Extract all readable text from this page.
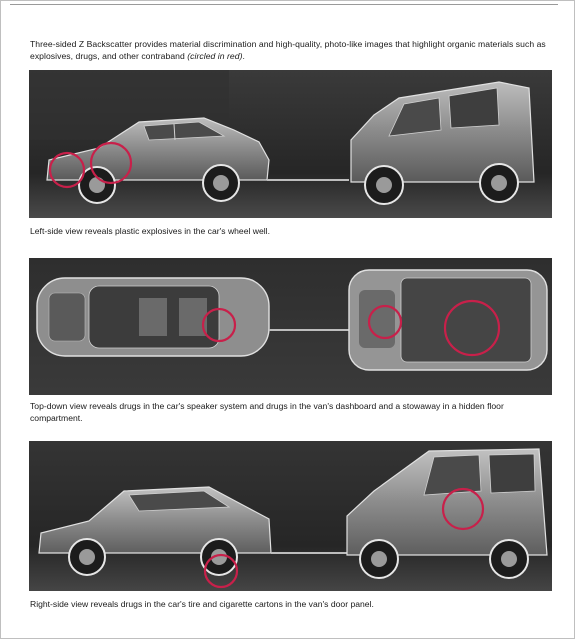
Three-sided Z Backscatter provides material discrimination and high-quality, photo-like images that highlight organic materials such as explosives, drugs, and other contraband (circled in red).

Left-side view reveals plastic explosives in the car's wheel well.

Top-down view reveals drugs in the car's speaker system and drugs in the van's dashboard and a stowaway in a hidden floor compartment.

Right-side view reveals drugs in the car's tire and cigarette cartons in the van's door panel.
